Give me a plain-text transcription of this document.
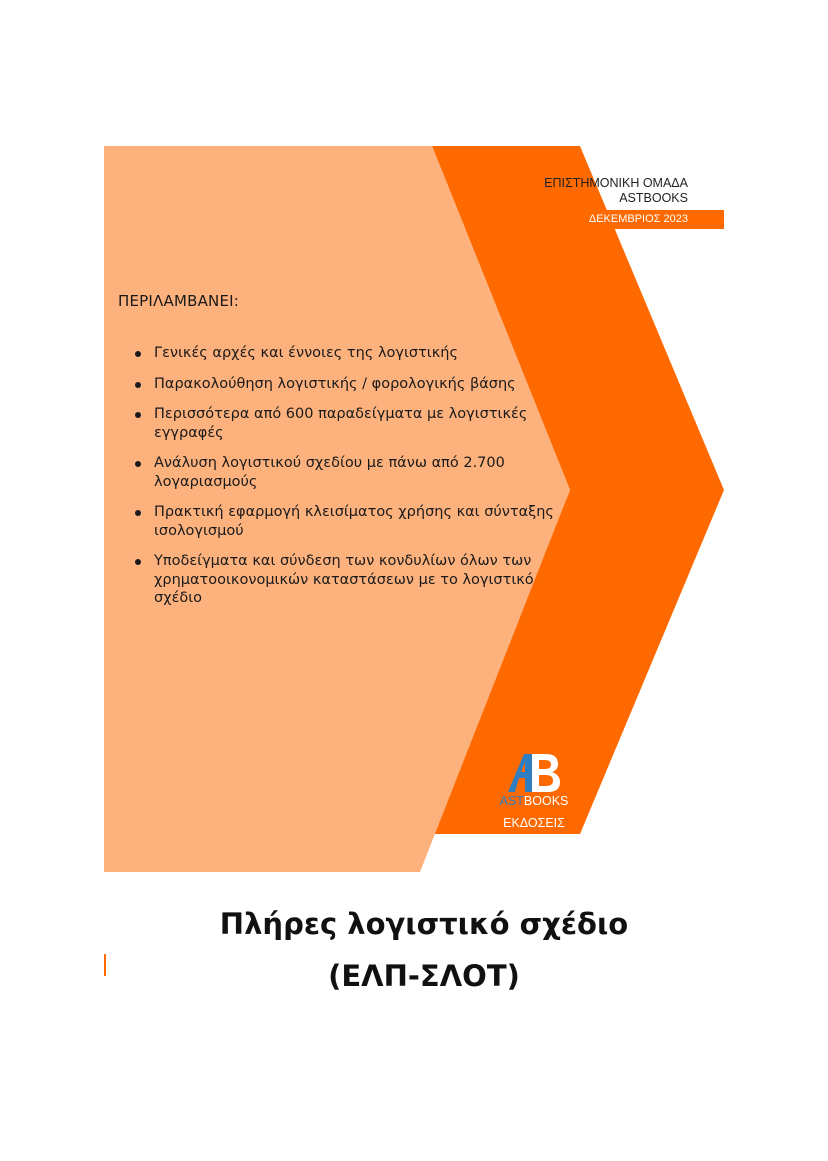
ΕΠΙΣΤΗΜΟΝΙΚΗ ΟΜΑΔΑ
ASTBOOKS
ΔΕΚΕΜΒΡΙΟΣ 2023
ΠΕΡΙΛΑΜΒΑΝΕΙ:
Γενικές αρχές και έννοιες της λογιστικής
Παρακολούθηση λογιστικής / φορολογικής βάσης
Περισσότερα από 600 παραδείγματα με λογιστικές εγγραφές
Ανάλυση λογιστικού σχεδίου με πάνω από 2.700 λογαριασμούς
Πρακτική εφαρμογή κλεισίματος χρήσης και σύνταξης ισολογισμού
Υποδείγματα και σύνδεση των κονδυλίων όλων των χρηματοοικονομικών καταστάσεων με το λογιστικό σχέδιο
ASTBOOKS
ΕΚΔΟΣΕΙΣ
Πλήρες λογιστικό σχέδιο
(ΕΛΠ-ΣΛΟΤ)
